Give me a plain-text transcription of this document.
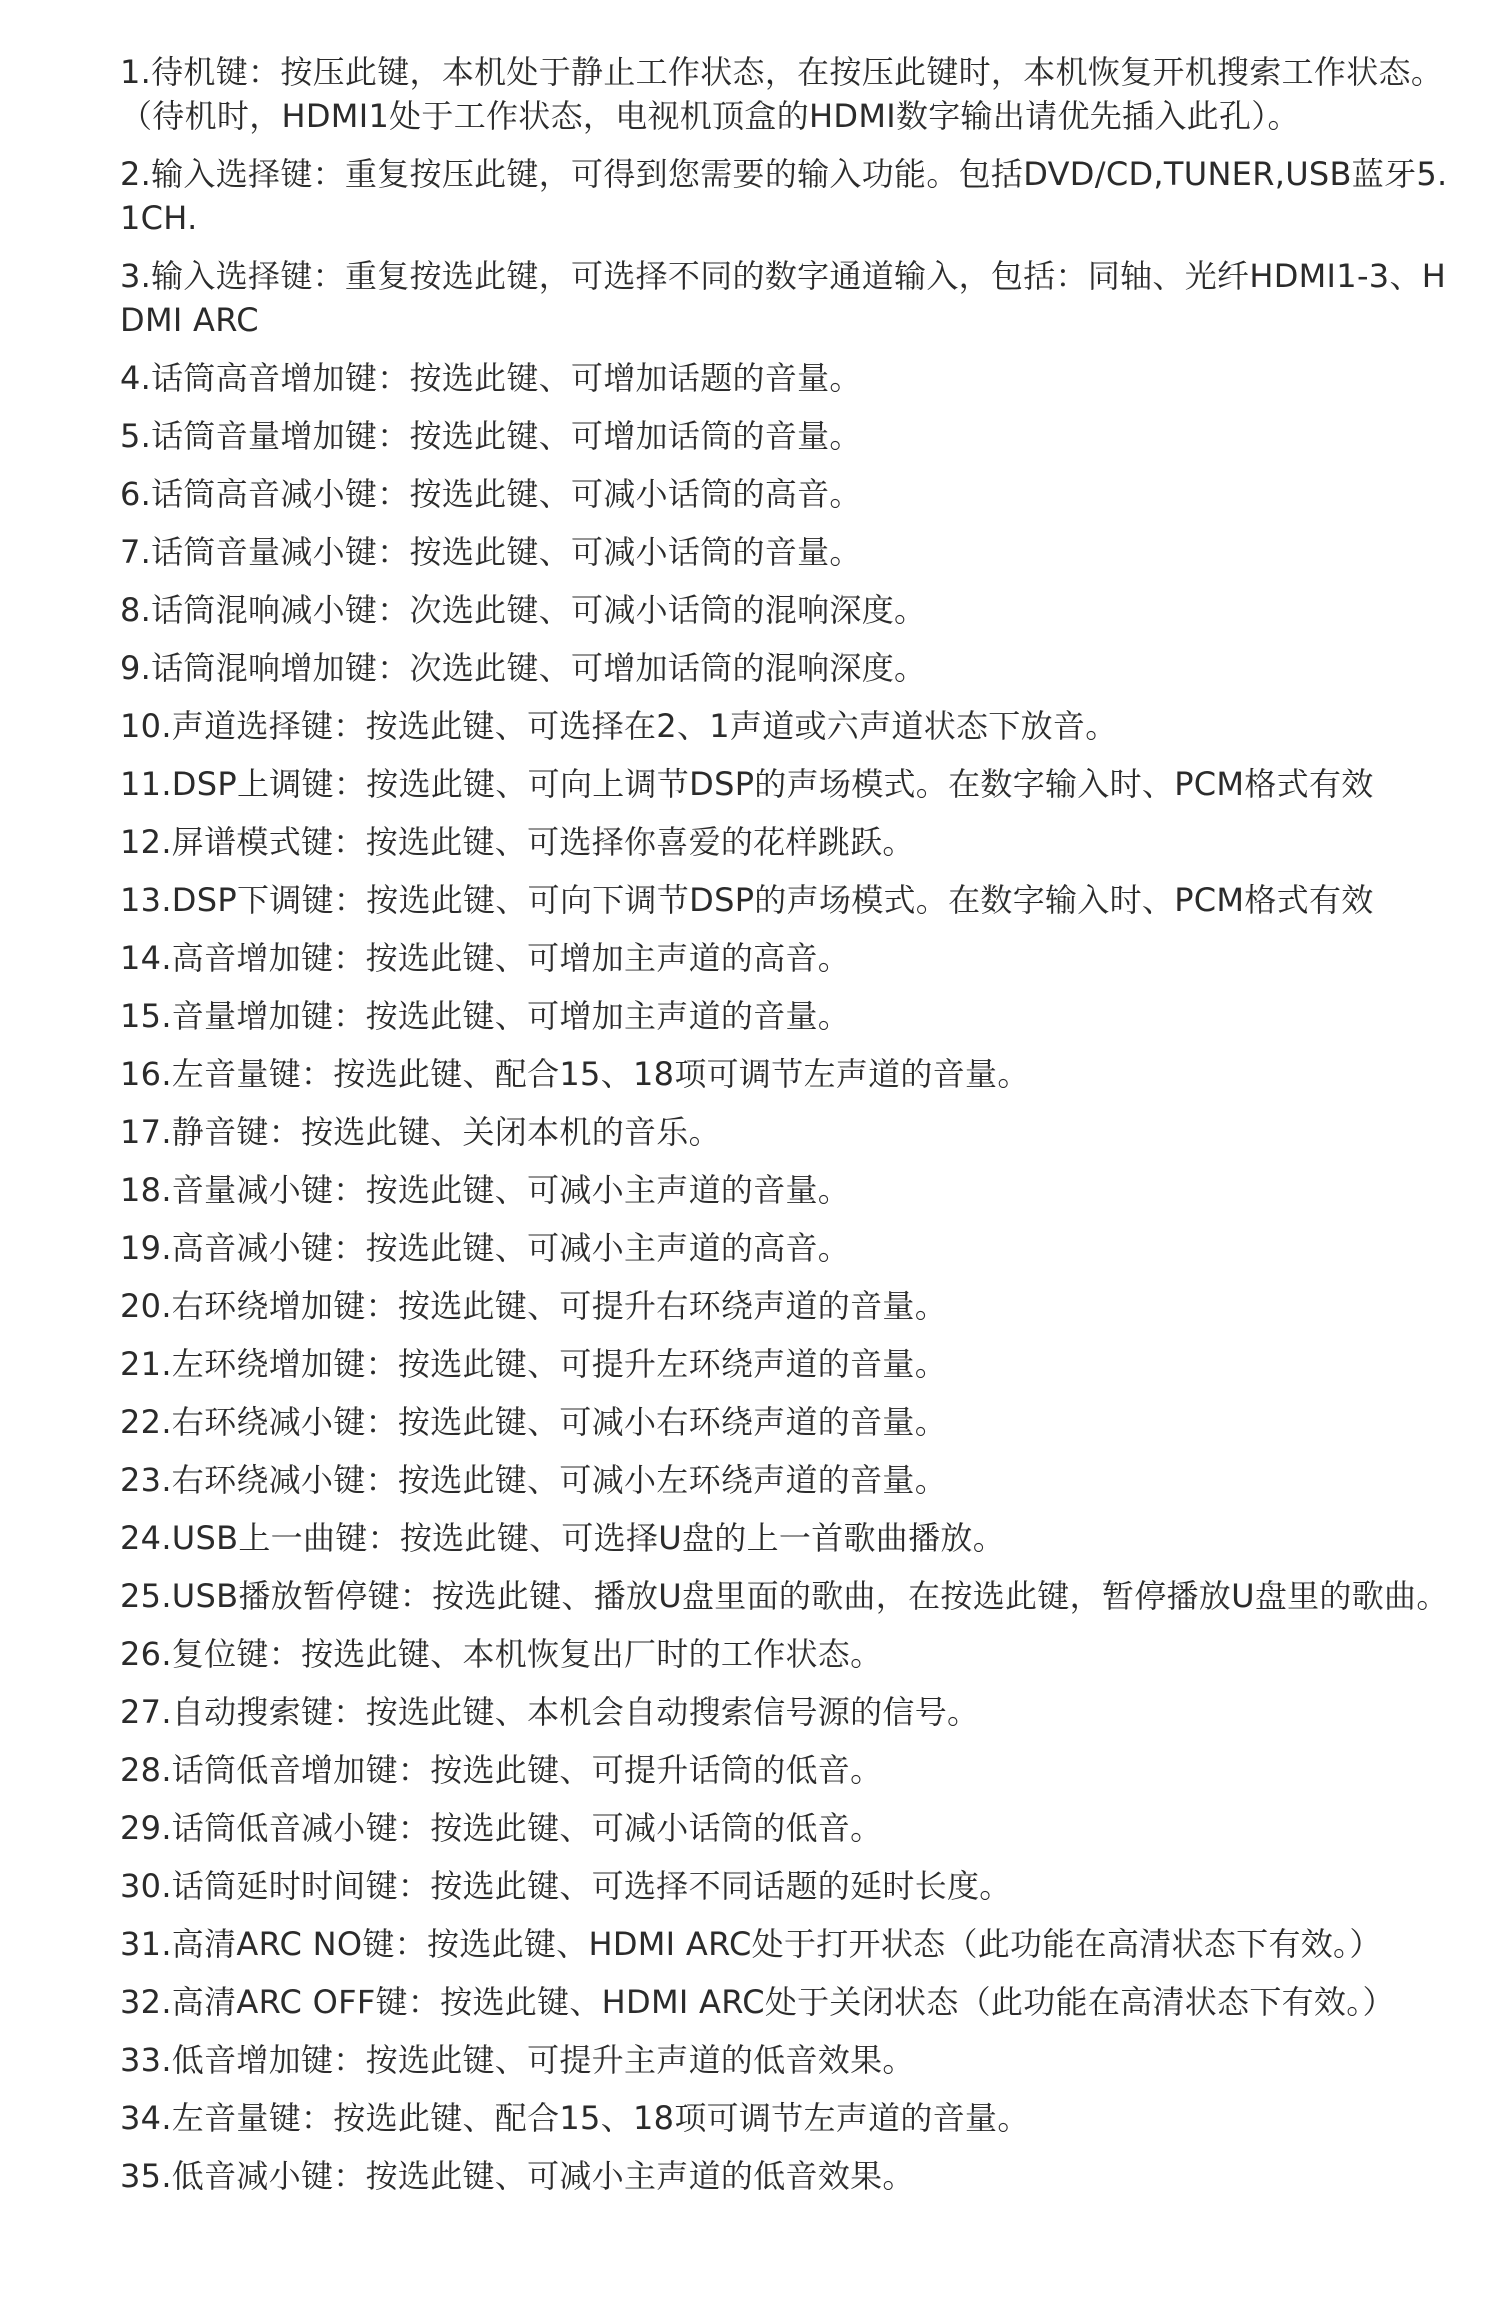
1.待机键：按压此键，本机处于静止工作状态，在按压此键时，本机恢复开机搜索工作状态。（待机时，HDMI1处于工作状态，电视机顶盒的HDMI数字输出请优先插入此孔）。
2.输入选择键：重复按压此键，可得到您需要的输入功能。包括DVD/CD,TUNER,USB蓝牙5.1CH.
3.输入选择键：重复按选此键，可选择不同的数字通道输入，包括：同轴、光纤HDMI1-3、HDMI ARC
4.话筒高音增加键：按选此键、可增加话题的音量。
5.话筒音量增加键：按选此键、可增加话筒的音量。
6.话筒高音减小键：按选此键、可减小话筒的高音。
7.话筒音量减小键：按选此键、可减小话筒的音量。
8.话筒混响减小键：次选此键、可减小话筒的混响深度。
9.话筒混响增加键：次选此键、可增加话筒的混响深度。
10.声道选择键：按选此键、可选择在2、1声道或六声道状态下放音。
11.DSP上调键：按选此键、可向上调节DSP的声场模式。在数字输入时、PCM格式有效
12.屏谱模式键：按选此键、可选择你喜爱的花样跳跃。
13.DSP下调键：按选此键、可向下调节DSP的声场模式。在数字输入时、PCM格式有效
14.高音增加键：按选此键、可增加主声道的高音。
15.音量增加键：按选此键、可增加主声道的音量。
16.左音量键：按选此键、配合15、18项可调节左声道的音量。
17.静音键：按选此键、关闭本机的音乐。
18.音量减小键：按选此键、可减小主声道的音量。
19.高音减小键：按选此键、可减小主声道的高音。
20.右环绕增加键：按选此键、可提升右环绕声道的音量。
21.左环绕增加键：按选此键、可提升左环绕声道的音量。
22.右环绕减小键：按选此键、可减小右环绕声道的音量。
23.右环绕减小键：按选此键、可减小左环绕声道的音量。
24.USB上一曲键：按选此键、可选择U盘的上一首歌曲播放。
25.USB播放暂停键：按选此键、播放U盘里面的歌曲，在按选此键，暂停播放U盘里的歌曲。
26.复位键：按选此键、本机恢复出厂时的工作状态。
27.自动搜索键：按选此键、本机会自动搜索信号源的信号。
28.话筒低音增加键：按选此键、可提升话筒的低音。
29.话筒低音减小键：按选此键、可减小话筒的低音。
30.话筒延时时间键：按选此键、可选择不同话题的延时长度。
31.高清ARC NO键：按选此键、HDMI ARC处于打开状态（此功能在高清状态下有效。）
32.高清ARC OFF键：按选此键、HDMI ARC处于关闭状态（此功能在高清状态下有效。）
33.低音增加键：按选此键、可提升主声道的低音效果。
34.左音量键：按选此键、配合15、18项可调节左声道的音量。
35.低音减小键：按选此键、可减小主声道的低音效果。
